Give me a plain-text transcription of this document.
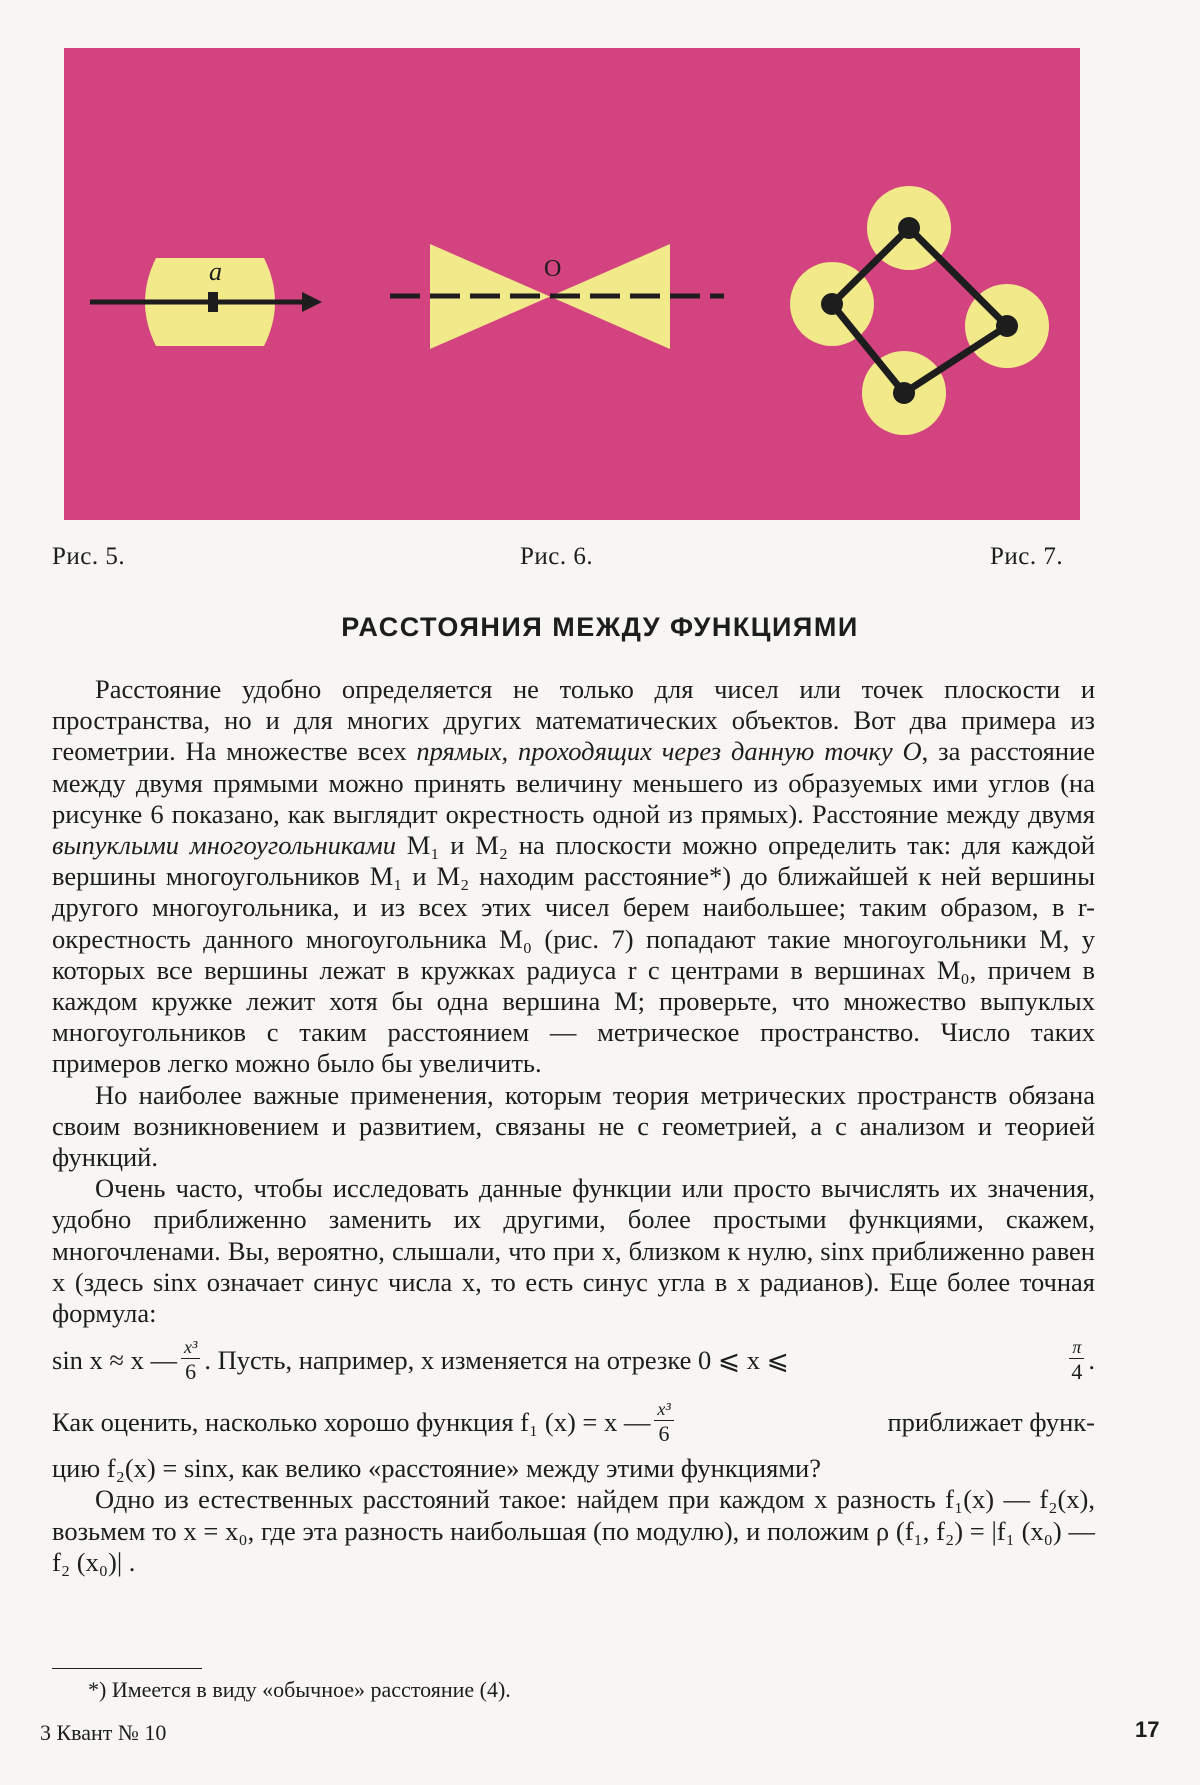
a	O
Рис. 5.	Рис. 6.	Рис. 7.
РАССТОЯНИЯ МЕЖДУ ФУНКЦИЯМИ

Расстояние удобно определяется не только для чисел или точек плоскости и пространства, но и для многих других математических объектов. Вот два примера из геометрии. На множестве всех прямых, проходящих через данную точку O, за расстояние между двумя прямыми можно принять величину меньшего из образуемых ими углов (на рисунке 6 показано, как выглядит окрестность одной из прямых). Расстояние между двумя выпуклыми многоугольниками M₁ и M₂ на плоскости можно определить так: для каждой вершины многоугольников M₁ и M₂ находим расстояние*) до ближайшей к ней вершины другого многоугольника, и из всех этих чисел берем наибольшее; таким образом, в r-окрестность данного многоугольника M₀ (рис. 7) попадают такие многоугольники M, у которых все вершины лежат в кружках радиуса r с центрами в вершинах M₀, причем в каждом кружке лежит хотя бы одна вершина M; проверьте, что множество выпуклых многоугольников с таким расстоянием — метрическое пространство. Число таких примеров легко можно было бы увеличить.

Но наиболее важные применения, которым теория метрических пространств обязана своим возникновением и развитием, связаны не с геометрией, а с анализом и теорией функций.

Очень часто, чтобы исследовать данные функции или просто вычислять их значения, удобно приближенно заменить их другими, более простыми функциями, скажем, многочленами. Вы, вероятно, слышали, что при x, близком к нулю, sinx приближенно равен x (здесь sinx означает синус числа x, то есть синус угла в x радианов). Еще более точная формула:

sin x ≈ x — $\frac{\text{x³}}{6}$ . Пусть, например, x изменяется на отрезке 0 ⩽ x ⩽	$\frac{\pi}{4}$ .
Как оценить, насколько хорошо функция f₁ (x) = x — $\frac{\text{x³}}{6}$	приближает функ-

цию f₂(x) = sinx, как велико «расстояние» между этими функциями?

Одно из естественных расстояний такое: найдем при каждом x разность f₁(x) — f₂(x), возьмем то x = x₀, где эта разность наибольшая (по модулю), и положим ρ (f₁, f₂) = |f₁ (x₀) — f₂ (x₀)| .

*) Имеется в виду «обычное» расстояние (4).
3 Квант № 10	17
